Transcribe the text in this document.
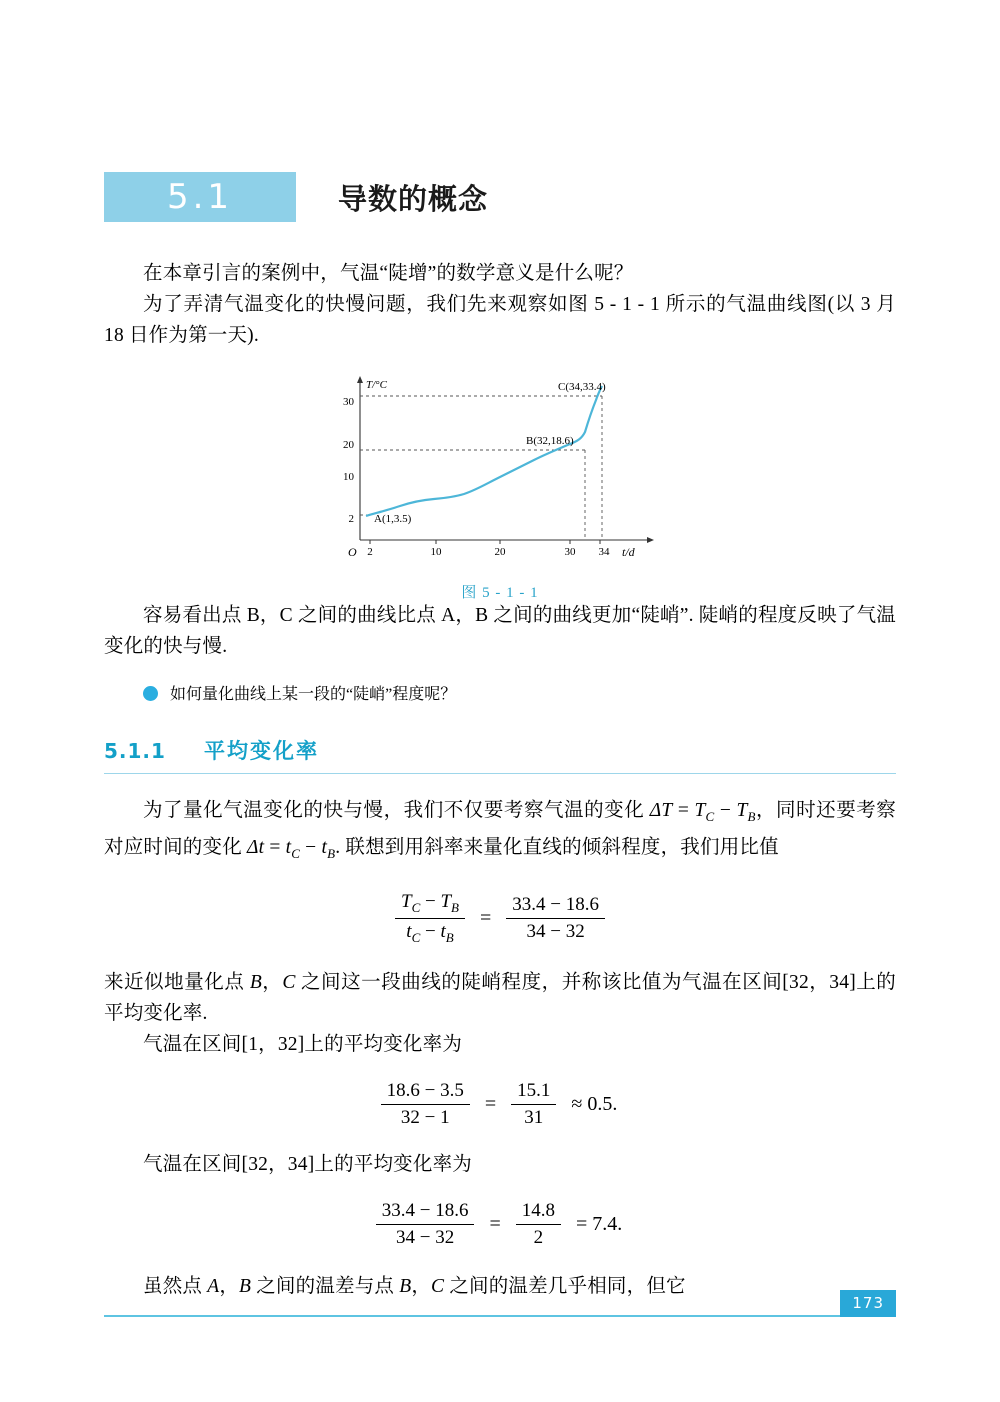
5.1	导数的概念

在本章引言的案例中，气温“陡增”的数学意义是什么呢？

为了弄清气温变化的快慢问题，我们先来观察如图 5 - 1 - 1 所示的气温曲线图(以 3 月 18 日作为第一天).

30
20
10
2
T/°C
O 2	10	20	30 34 t/d
A(1,3.5)
B(32,18.6)
C(34,33.4)
图 5 - 1 - 1

容易看出点 B，C 之间的曲线比点 A，B 之间的曲线更加“陡峭”. 陡峭的程度反映了气温变化的快与慢.

如何量化曲线上某一段的“陡峭”程度呢？
5.1.1 平均变化率

为了量化气温变化的快与慢，我们不仅要考察气温的变化 $\Delta T = T_C - T_B$，同时还要考察对应时间的变化 $\Delta t = t_C - t_B$. 联想到用斜率来量化直线的倾斜程度，我们用比值

$\frac{T_C - T_B}{t_C - t_B} = \frac{33.4 - 18.6}{34 - 32}$

来近似地量化点 B，C 之间这一段曲线的陡峭程度，并称该比值为气温在区间[32，34]上的平均变化率.

气温在区间[1，32]上的平均变化率为

$\frac{18.6 - 3.5}{32 - 1} = \frac{15.1}{31} \approx 0.5$.

气温在区间[32，34]上的平均变化率为

$\frac{33.4 - 18.6}{34 - 32} = \frac{14.8}{2} = 7.4$.

虽然点 A，B 之间的温差与点 B，C 之间的温差几乎相同，但它

173
